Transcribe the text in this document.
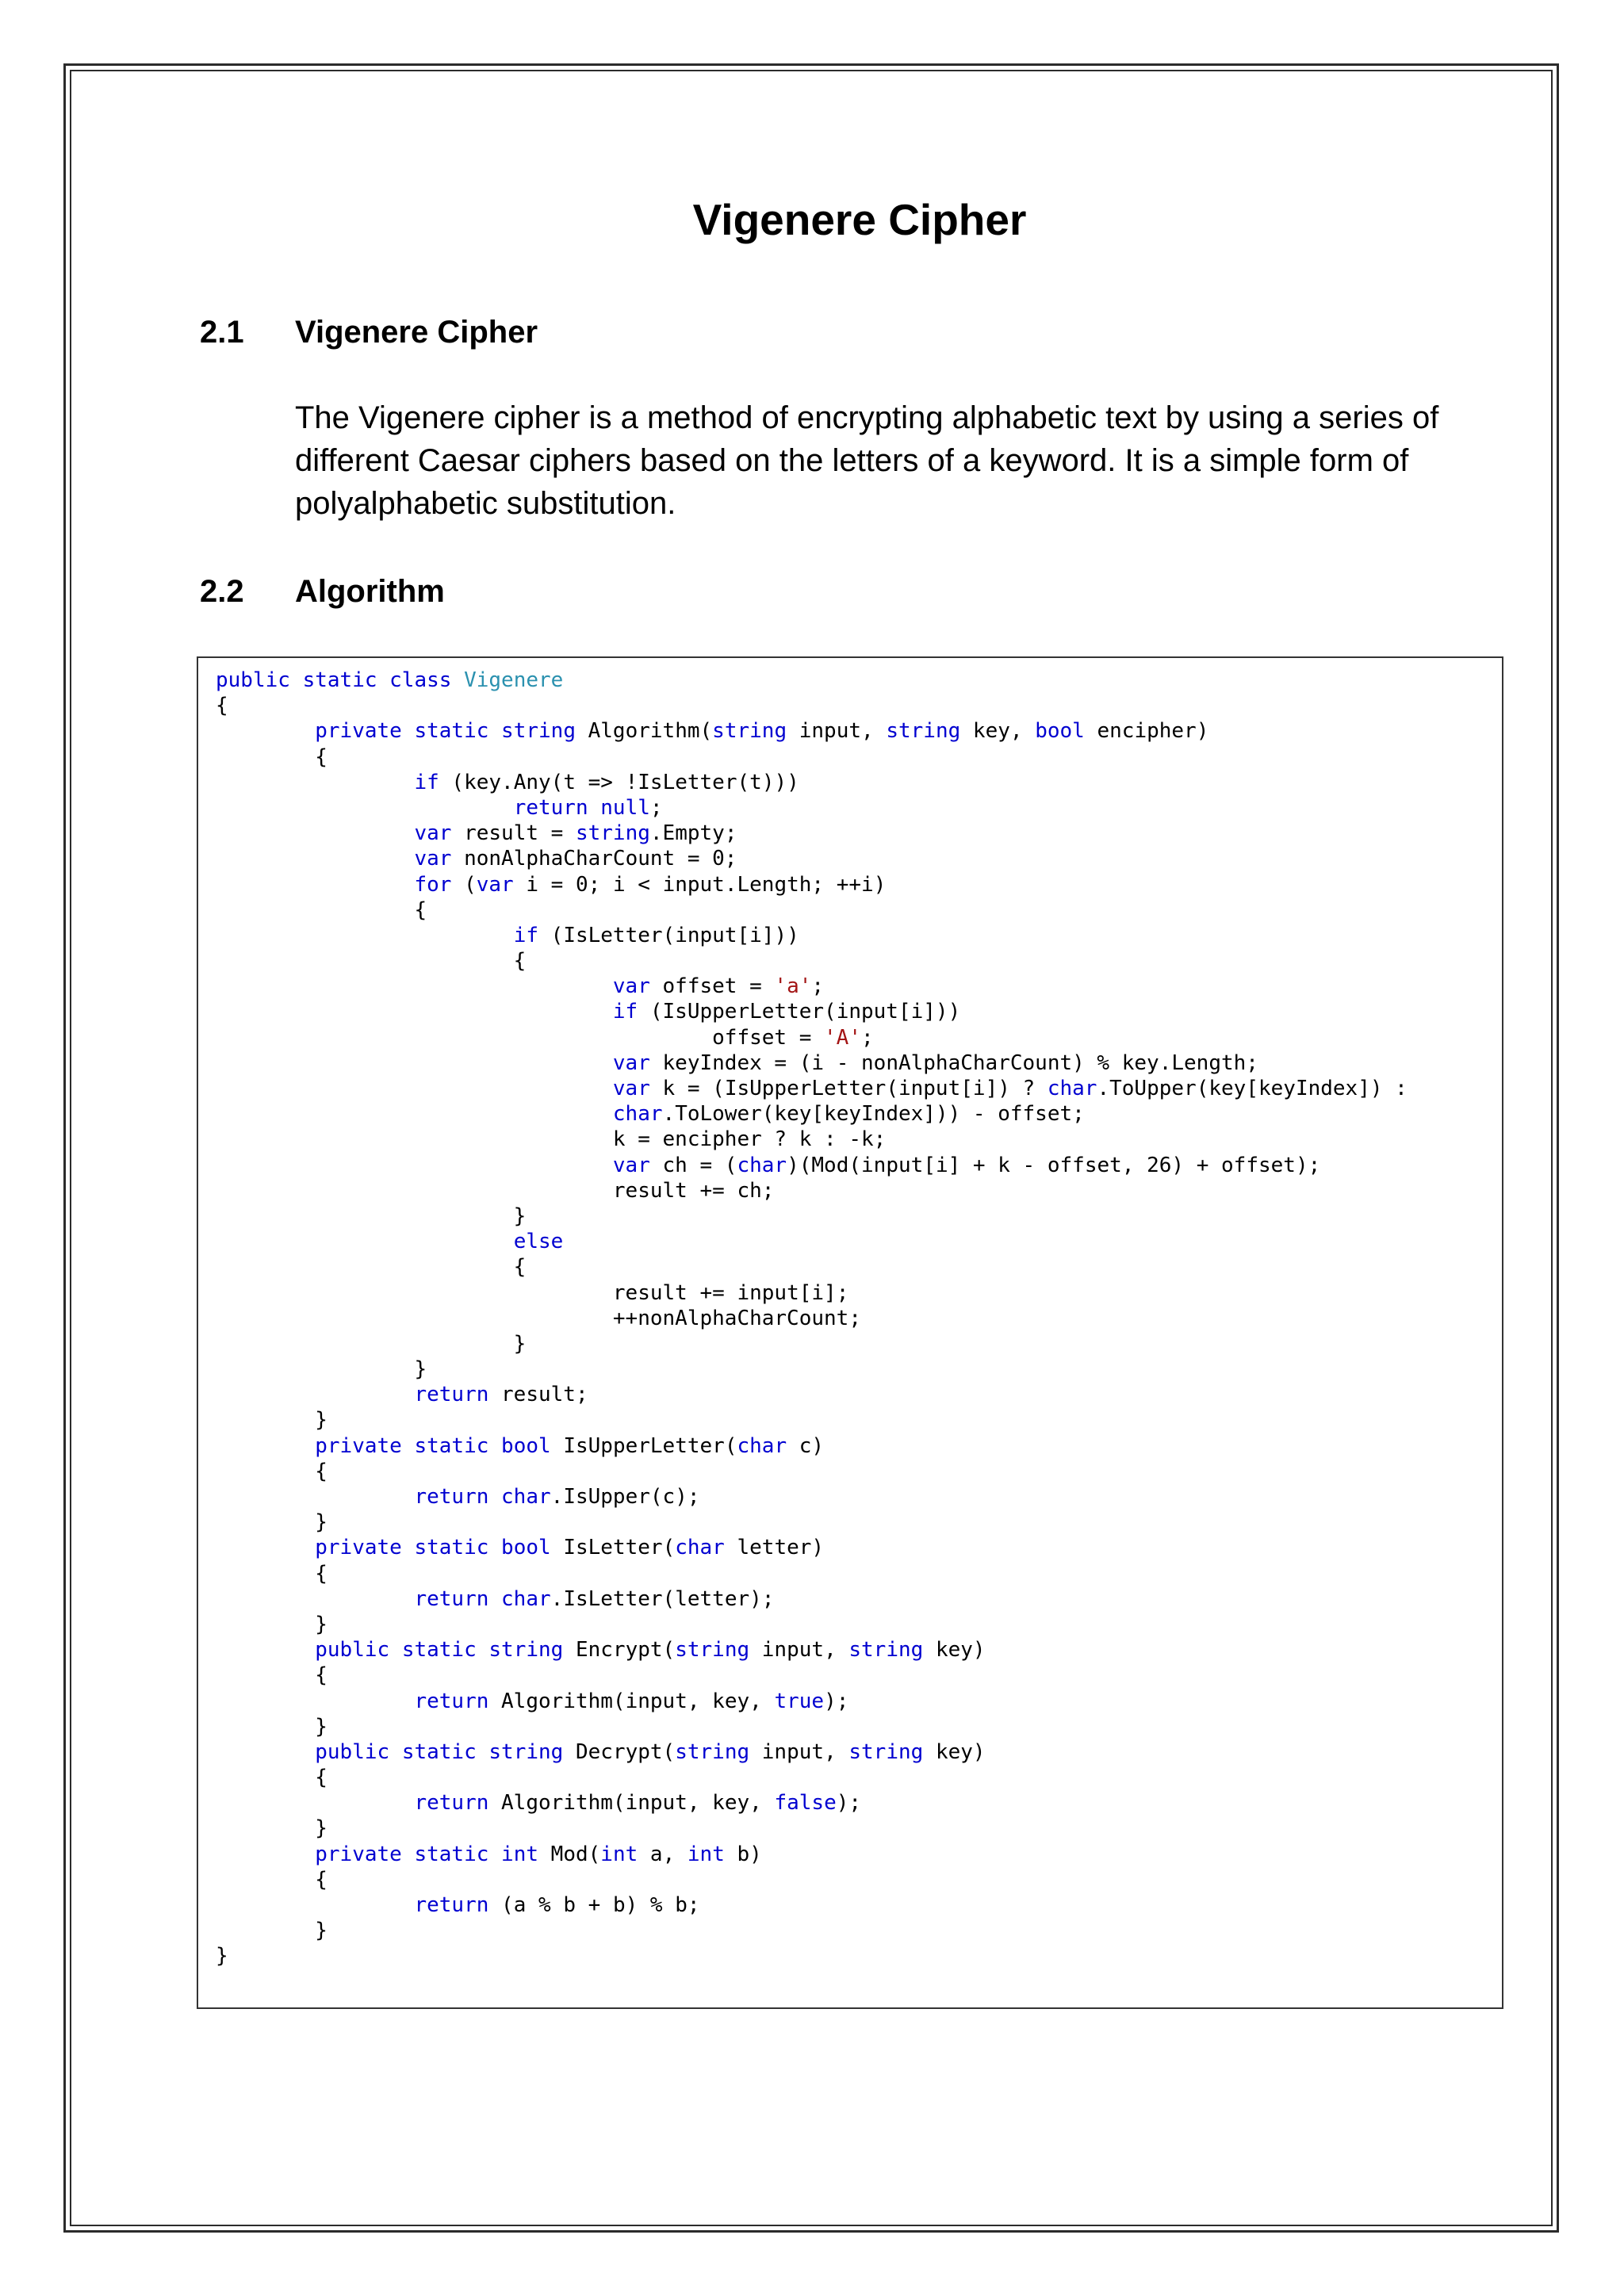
Vigenere Cipher
2.1 Vigenere Cipher

The Vigenere cipher is a method of encrypting alphabetic text by using a series of different Caesar ciphers based on the letters of a keyword. It is a simple form of polyalphabetic substitution.

2.2 Algorithm
public static class Vigenere
{
private static string Algorithm(string input, string key, bool encipher)
{
if (key.Any(t => !IsLetter(t)))
return null;
var result = string.Empty;
var nonAlphaCharCount = 0;
for (var i = 0; i < input.Length; ++i)
{
if (IsLetter(input[i]))
{
var offset = 'a';
if (IsUpperLetter(input[i]))
offset = 'A';
var keyIndex = (i - nonAlphaCharCount) % key.Length;
var k = (IsUpperLetter(input[i]) ? char.ToUpper(key[keyIndex]) :
char.ToLower(key[keyIndex])) - offset;
k = encipher ? k : -k;
var ch = (char)(Mod(input[i] + k - offset, 26) + offset);
result += ch;
}
else
{
result += input[i];
++nonAlphaCharCount;
}
}
return result;
}
private static bool IsUpperLetter(char c)
{
return char.IsUpper(c);
}
private static bool IsLetter(char letter)
{
return char.IsLetter(letter);
}
public static string Encrypt(string input, string key)
{
return Algorithm(input, key, true);
}
public static string Decrypt(string input, string key)
{
return Algorithm(input, key, false);
}
private static int Mod(int a, int b)
{
return (a % b + b) % b;
}
}
